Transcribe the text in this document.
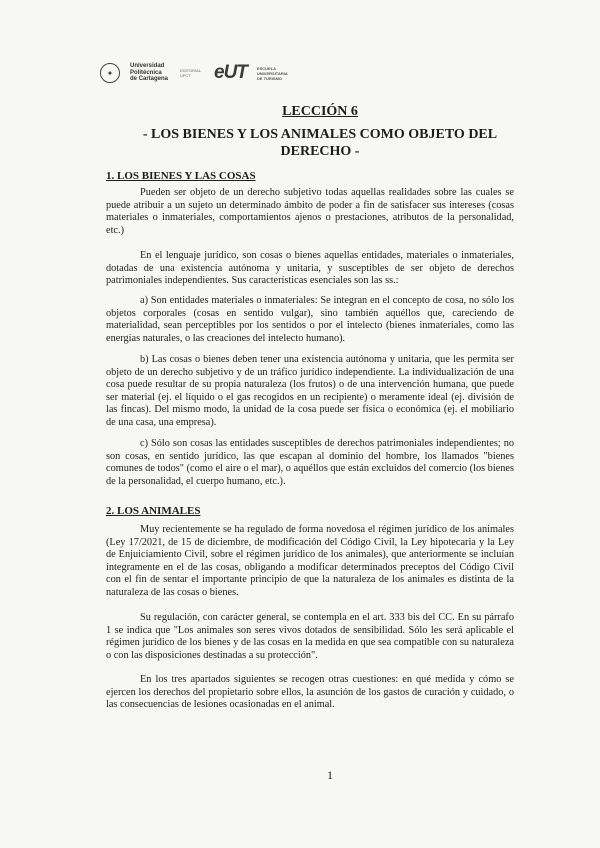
✦
Universidad Politécnica de Cartagena
EDITORIAL UPCT	eUT	ESCUELA UNIVERSITARIA DE TURISMO
LECCIÓN 6
- LOS BIENES Y LOS ANIMALES COMO OBJETO DEL DERECHO -
1. LOS BIENES Y LAS COSAS

Pueden ser objeto de un derecho subjetivo todas aquellas realidades sobre las cuales se puede atribuir a un sujeto un determinado ámbito de poder a fin de satisfacer sus intereses (cosas materiales o inmateriales, comportamientos ajenos o prestaciones, atributos de la personalidad, etc.)

En el lenguaje jurídico, son cosas o bienes aquellas entidades, materiales o inmateriales, dotadas de una existencia autónoma y unitaria, y susceptibles de ser objeto de derechos patrimoniales independientes. Sus características esenciales son las ss.:

a) Son entidades materiales o inmateriales: Se integran en el concepto de cosa, no sólo los objetos corporales (cosas en sentido vulgar), sino también aquéllos que, careciendo de materialidad, sean perceptibles por los sentidos o por el intelecto (bienes inmateriales, como las energías naturales, o las creaciones del intelecto humano).

b) Las cosas o bienes deben tener una existencia autónoma y unitaria, que les permita ser objeto de un derecho subjetivo y de un tráfico jurídico independiente. La individualización de una cosa puede resultar de su propia naturaleza (los frutos) o de una intervención humana, que puede ser material (ej. el líquido o el gas recogidos en un recipiente) o meramente ideal (ej. división de las fincas). Del mismo modo, la unidad de la cosa puede ser física o económica (ej. el mobiliario de una casa, una empresa).

c) Sólo son cosas las entidades susceptibles de derechos patrimoniales independientes; no son cosas, en sentido jurídico, las que escapan al dominio del hombre, los llamados "bienes comunes de todos" (como el aire o el mar), o aquéllos que están excluidos del comercio (los bienes de la personalidad, el cuerpo humano, etc.).

2. LOS ANIMALES

Muy recientemente se ha regulado de forma novedosa el régimen jurídico de los animales (Ley 17/2021, de 15 de diciembre, de modificación del Código Civil, la Ley hipotecaria y la Ley de Enjuiciamiento Civil, sobre el régimen jurídico de los animales), que anteriormente se incluían íntegramente en el de las cosas, obligando a modificar determinados preceptos del Código Civil con el fin de sentar el importante principio de que la naturaleza de los animales es distinta de la naturaleza de las cosas o bienes.

Su regulación, con carácter general, se contempla en el art. 333 bis del CC. En su párrafo 1 se indica que "Los animales son seres vivos dotados de sensibilidad. Sólo les será aplicable el régimen jurídico de los bienes y de las cosas en la medida en que sea compatible con su naturaleza o con las disposiciones destinadas a su protección".

En los tres apartados siguientes se recogen otras cuestiones: en qué medida y cómo se ejercen los derechos del propietario sobre ellos, la asunción de los gastos de curación y cuidado, o las consecuencias de lesiones ocasionadas en el animal.

1
